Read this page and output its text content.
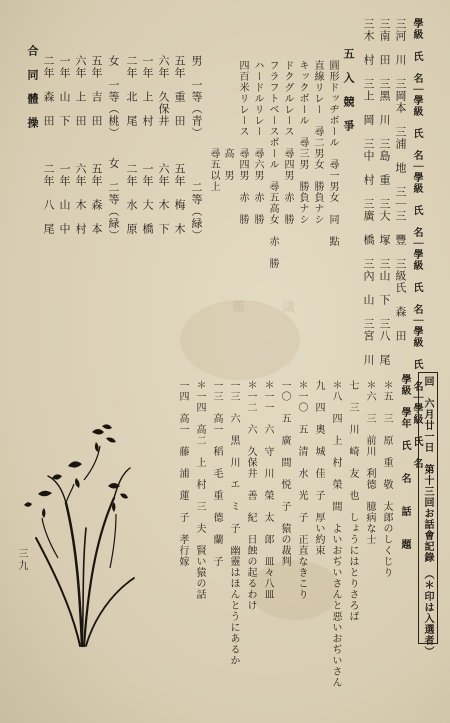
議
題	學級　氏　名｜學級　氏　名｜學級　氏　名｜學級　氏　名｜學級　氏　名｜學級　氏　名
三河　川　三岡本　三浦　地　三｜三　豐　三級氏　森　田
三南　田　三黑　川　三島　重　三大　塚　三山　下　三八　尾
三木　村　三上　岡　三中　村　三廣　橋　三內　山　三宮　川
五　入　競　爭
圓形ドッヂボール　尋一男女　同　點
直線リレー　尋二男女　勝負ナシ
キックボール　尋三男　勝負ナシ
ドクグルレース　尋四男　赤　勝
フラフトベースボール　尋五高女　赤　勝
ハードルリレー　尋六男　赤　勝
四百米リレース　尋四男　赤　勝
　　　　　　　　高　男
　　　　　　　　尋五以上
男　一等（青）　　　　二等（緑）
五年　重　田　　　五年　梅　木
六年　久保井　　　六年　木　下
一年　上　村　　　一年　大　橋
二年　北　尾　　　二年　水　原
女　一等（桃）　　女　二等（緑）
五年　吉　田　　　五年　森　本
六年　上　田　　　六年　木　村
一年　山　下　　　一年　山　中
二年　森　田　　　二年　八　尾
合　同　體　操
回　六月廿一日　第十三回お話會記錄　（＊印は入選者）
學級　學年　氏　　名　　話　　題
＊五　三　原　重　敬　太郎のしくじり
＊六　三　前川　利德　臆病な士
七　三　川　崎　友　也　しょうにはとりさろば
＊八　四　上　村　榮　間　よいおぢいさんと惡いおぢいさん
九　四　奧　城　佳　子　厚い約束
＊一〇　五　清　水　光　子　正直なきこり
一〇　五　廣　間　悦　子　猿の裁判
＊一一　六　守　川　榮　太　郎　皿々八皿
＊一二　六　久保井　善　紀　日蝕の起るわけ
一三　六　黑　川　エ　ミ　子　幽靈はほんとうにあるか
一三　高一　稻　毛　重　德　蘭　子
＊一四　高二　上　村　三　夫　賢い猿の話
一四　高一　藤　浦　蓮　子　孝行嫁
三九
